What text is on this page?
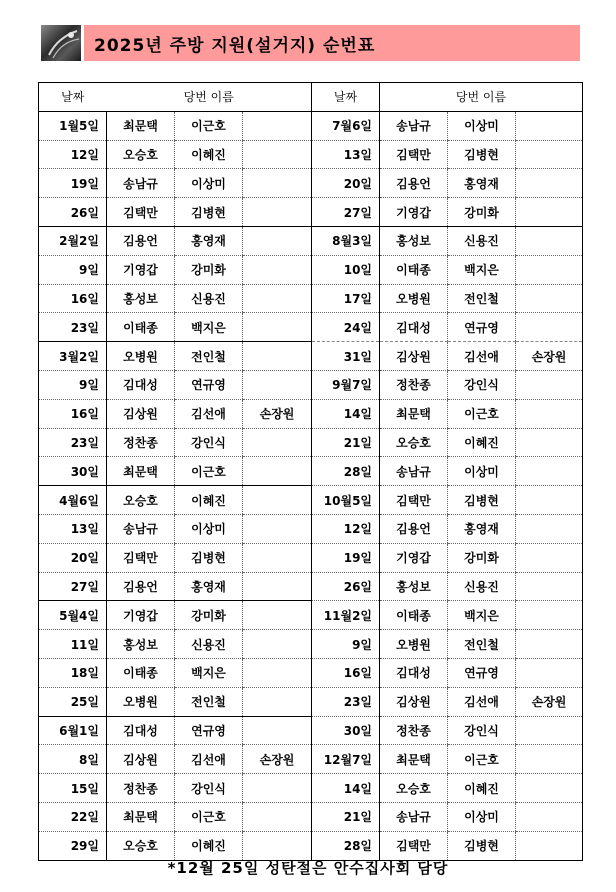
2025년 주방 지원(설거지) 순번표
날짜	당번 이름			날짜	당번 이름		
1월5일	최문택	이근호		7월6일	송남규	이상미	
12일	오승호	이혜진		13일	김택만	김병현	
19일	송남규	이상미		20일	김용언	홍영재	
26일	김택만	김병현		27일	기영갑	강미화	
2월2일	김용언	홍영재		8월3일	홍성보	신용진	
9일	기영갑	강미화		10일	이태종	백지은	
16일	홍성보	신용진		17일	오병원	전인철	
23일	이태종	백지은		24일	김대성	연규영	
3월2일	오병원	전인철		31일	김상원	김선애	손장원
9일	김대성	연규영		9월7일	정찬종	강인식	
16일	김상원	김선애	손장원	14일	최문택	이근호	
23일	정찬종	강인식		21일	오승호	이혜진	
30일	최문택	이근호		28일	송남규	이상미	
4월6일	오승호	이혜진		10월5일	김택만	김병현	
13일	송남규	이상미		12일	김용언	홍영재	
20일	김택만	김병현		19일	기영갑	강미화	
27일	김용언	홍영재		26일	홍성보	신용진	
5월4일	기영갑	강미화		11월2일	이태종	백지은	
11일	홍성보	신용진		9일	오병원	전인철	
18일	이태종	백지은		16일	김대성	연규영	
25일	오병원	전인철		23일	김상원	김선애	손장원
6월1일	김대성	연규영		30일	정찬종	강인식	
8일	김상원	김선애	손장원	12월7일	최문택	이근호	
15일	정찬종	강인식		14일	오승호	이혜진	
22일	최문택	이근호		21일	송남규	이상미	
29일	오승호	이혜진		28일	김택만	김병현	
*12월 25일 성탄절은 안수집사회 담당
